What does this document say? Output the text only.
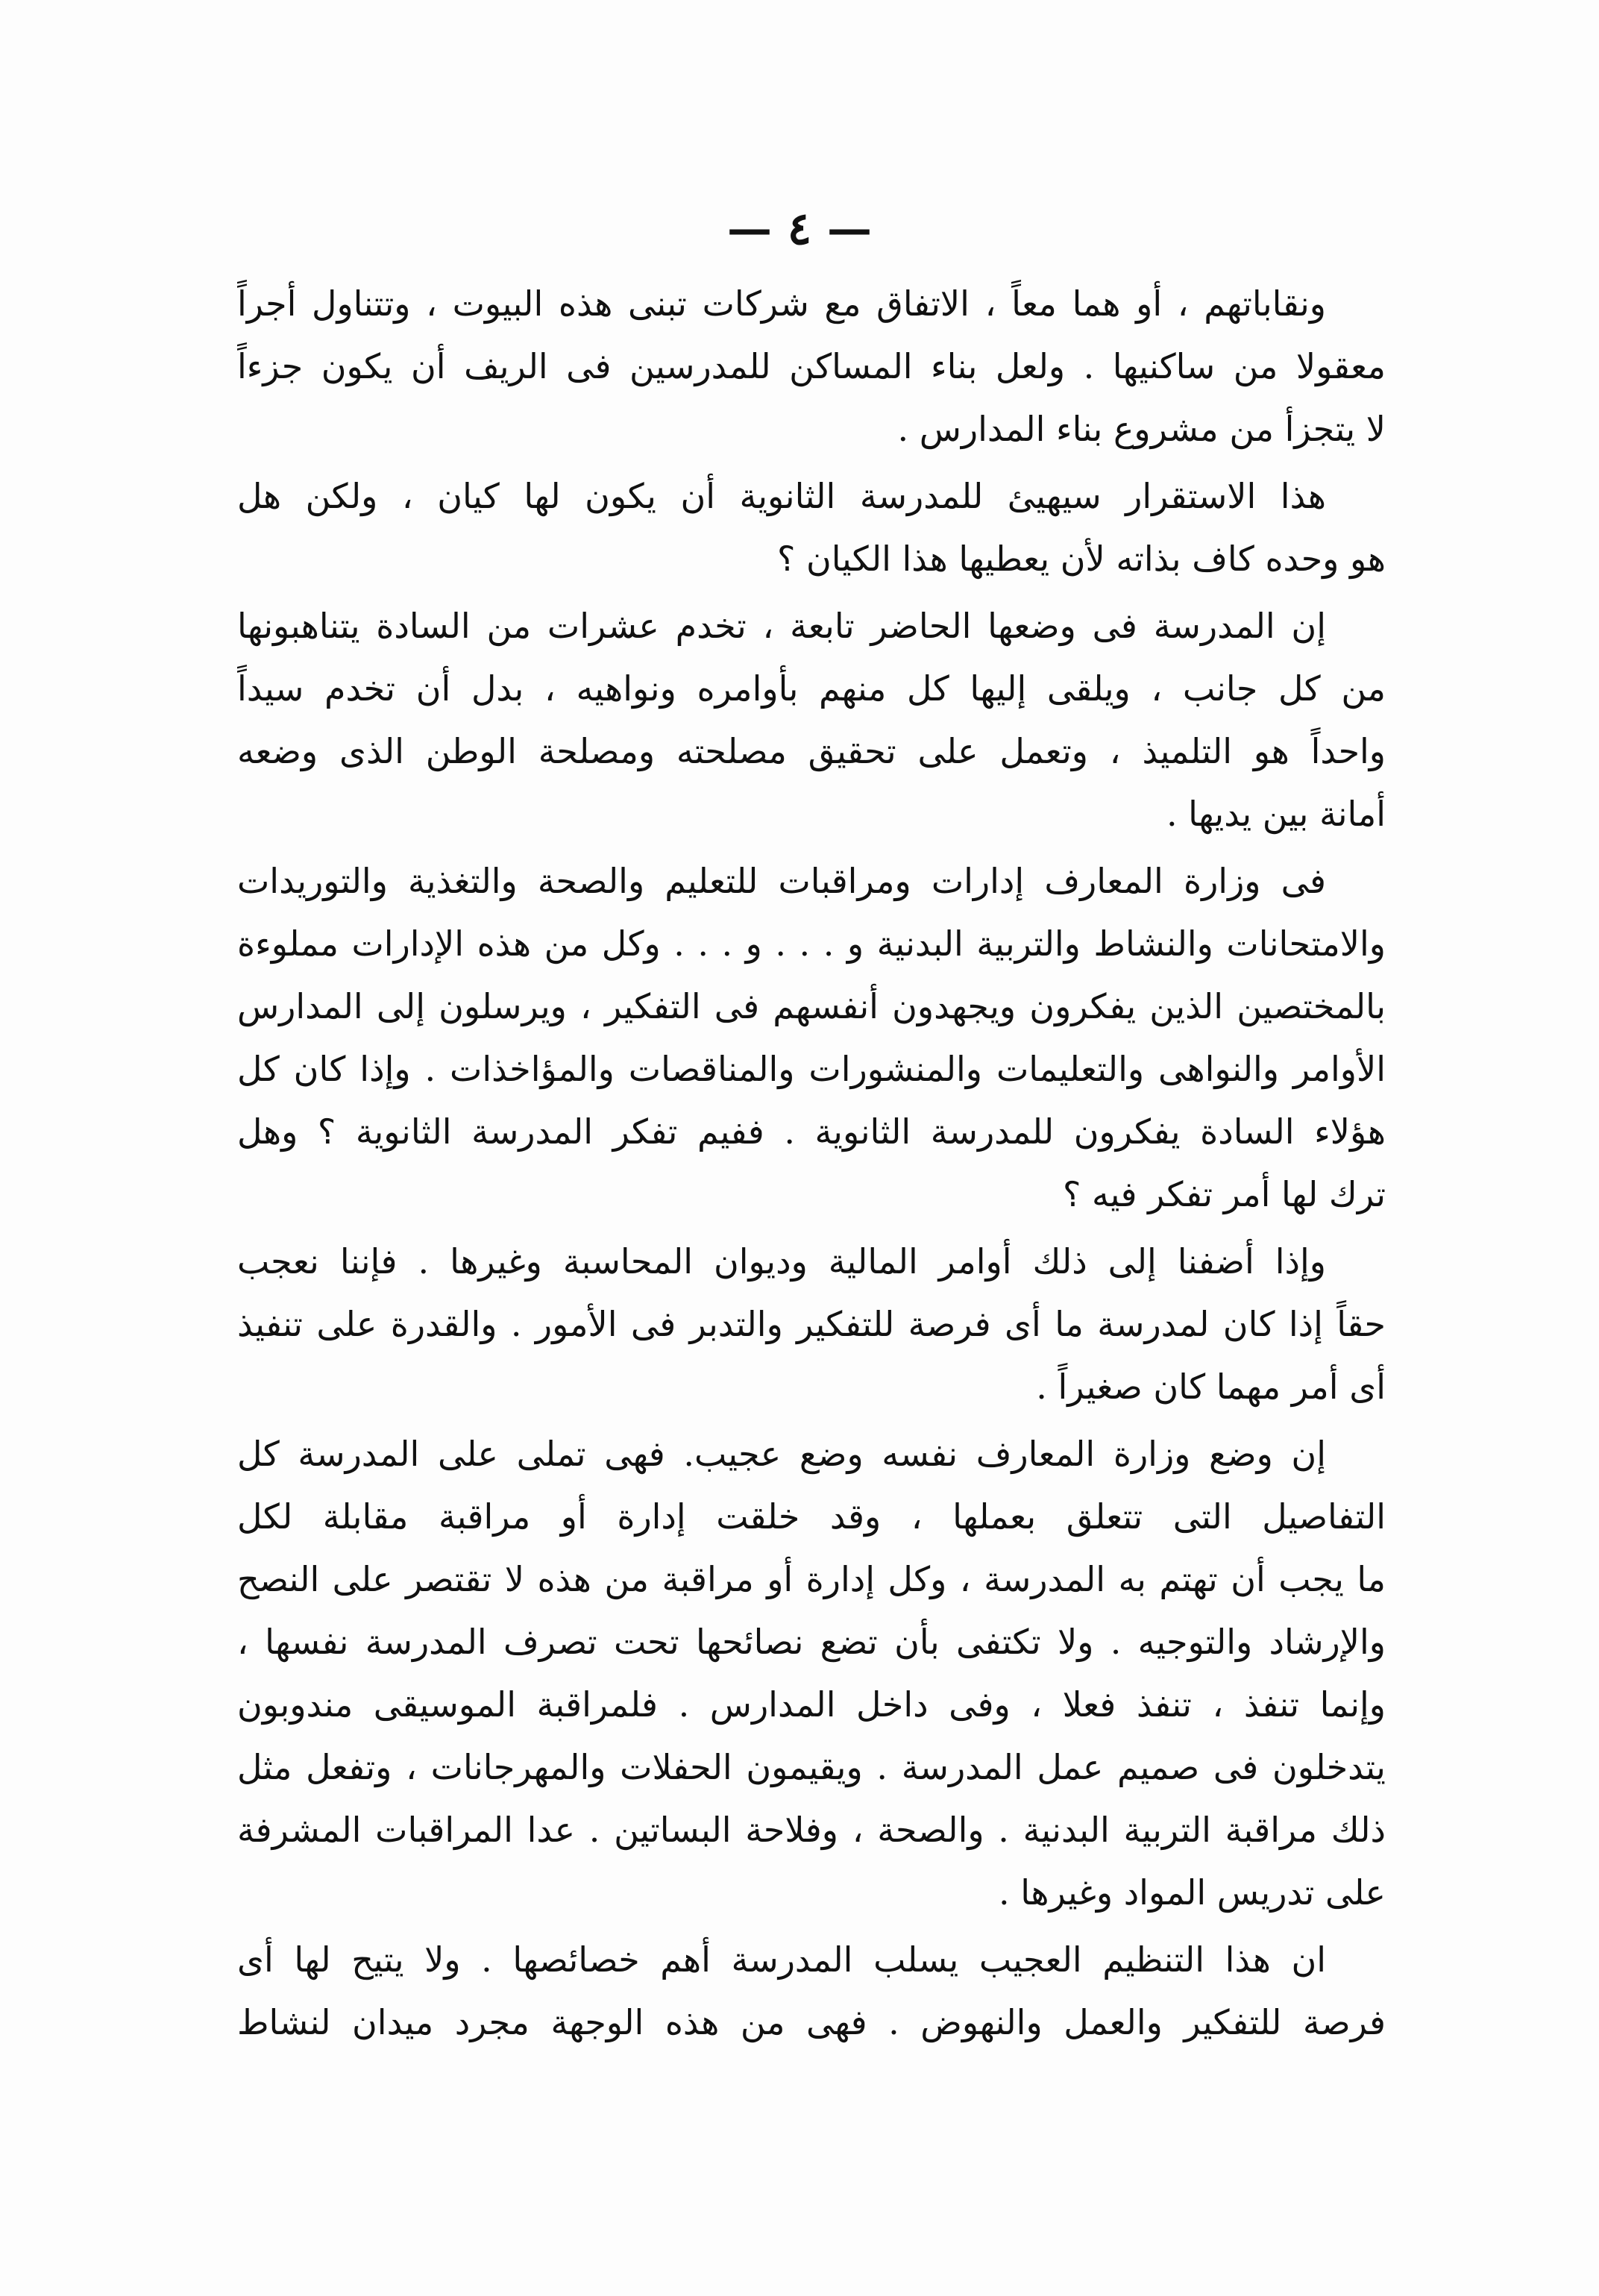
— ٤ —
ونقاباتهم ، أو هما معاً ، الاتفاق مع شركات تبنى هذه البيوت ، وتتناول أجراً
معقولا من ساكنيها . ولعل بناء المساكن للمدرسين فى الريف أن يكون جزءاً
لا يتجزأ من مشروع بناء المدارس .
هذا الاستقرار سيهيئ للمدرسة الثانوية أن يكون لها كيان ، ولكن هل
هو وحده كاف بذاته لأن يعطيها هذا الكيان ؟
إن المدرسة فى وضعها الحاضر تابعة ، تخدم عشرات من السادة يتناهبونها
من كل جانب ، ويلقى إليها كل منهم بأوامره ونواهيه ، بدل أن تخدم سيداً
واحداً هو التلميذ ، وتعمل على تحقيق مصلحته ومصلحة الوطن الذى وضعه
أمانة بين يديها .
فى وزارة المعارف إدارات ومراقبات للتعليم والصحة والتغذية والتوريدات
والامتحانات والنشاط والتربية البدنية و . . . و . . . وكل من هذه الإدارات مملوءة
بالمختصين الذين يفكرون ويجهدون أنفسهم فى التفكير ، ويرسلون إلى المدارس
الأوامر والنواهى والتعليمات والمنشورات والمناقصات والمؤاخذات . وإذا كان كل
هؤلاء السادة يفكرون للمدرسة الثانوية . ففيم تفكر المدرسة الثانوية ؟ وهل
ترك لها أمر تفكر فيه ؟
وإذا أضفنا إلى ذلك أوامر المالية وديوان المحاسبة وغيرها . فإننا نعجب
حقاً إذا كان لمدرسة ما أى فرصة للتفكير والتدبر فى الأمور . والقدرة على تنفيذ
أى أمر مهما كان صغيراً .
إن وضع وزارة المعارف نفسه وضع عجيب. فهى تملى على المدرسة كل
التفاصيل التى تتعلق بعملها ، وقد خلقت إدارة أو مراقبة مقابلة لكل
ما يجب أن تهتم به المدرسة ، وكل إدارة أو مراقبة من هذه لا تقتصر على النصح
والإرشاد والتوجيه . ولا تكتفى بأن تضع نصائحها تحت تصرف المدرسة نفسها ،
وإنما تنفذ ، تنفذ فعلا ، وفى داخل المدارس . فلمراقبة الموسيقى مندوبون
يتدخلون فى صميم عمل المدرسة . ويقيمون الحفلات والمهرجانات ، وتفعل مثل
ذلك مراقبة التربية البدنية . والصحة ، وفلاحة البساتين . عدا المراقبات المشرفة
على تدريس المواد وغيرها .
ان هذا التنظيم العجيب يسلب المدرسة أهم خصائصها . ولا يتيح لها أى
فرصة للتفكير والعمل والنهوض . فهى من هذه الوجهة مجرد ميدان لنشاط
